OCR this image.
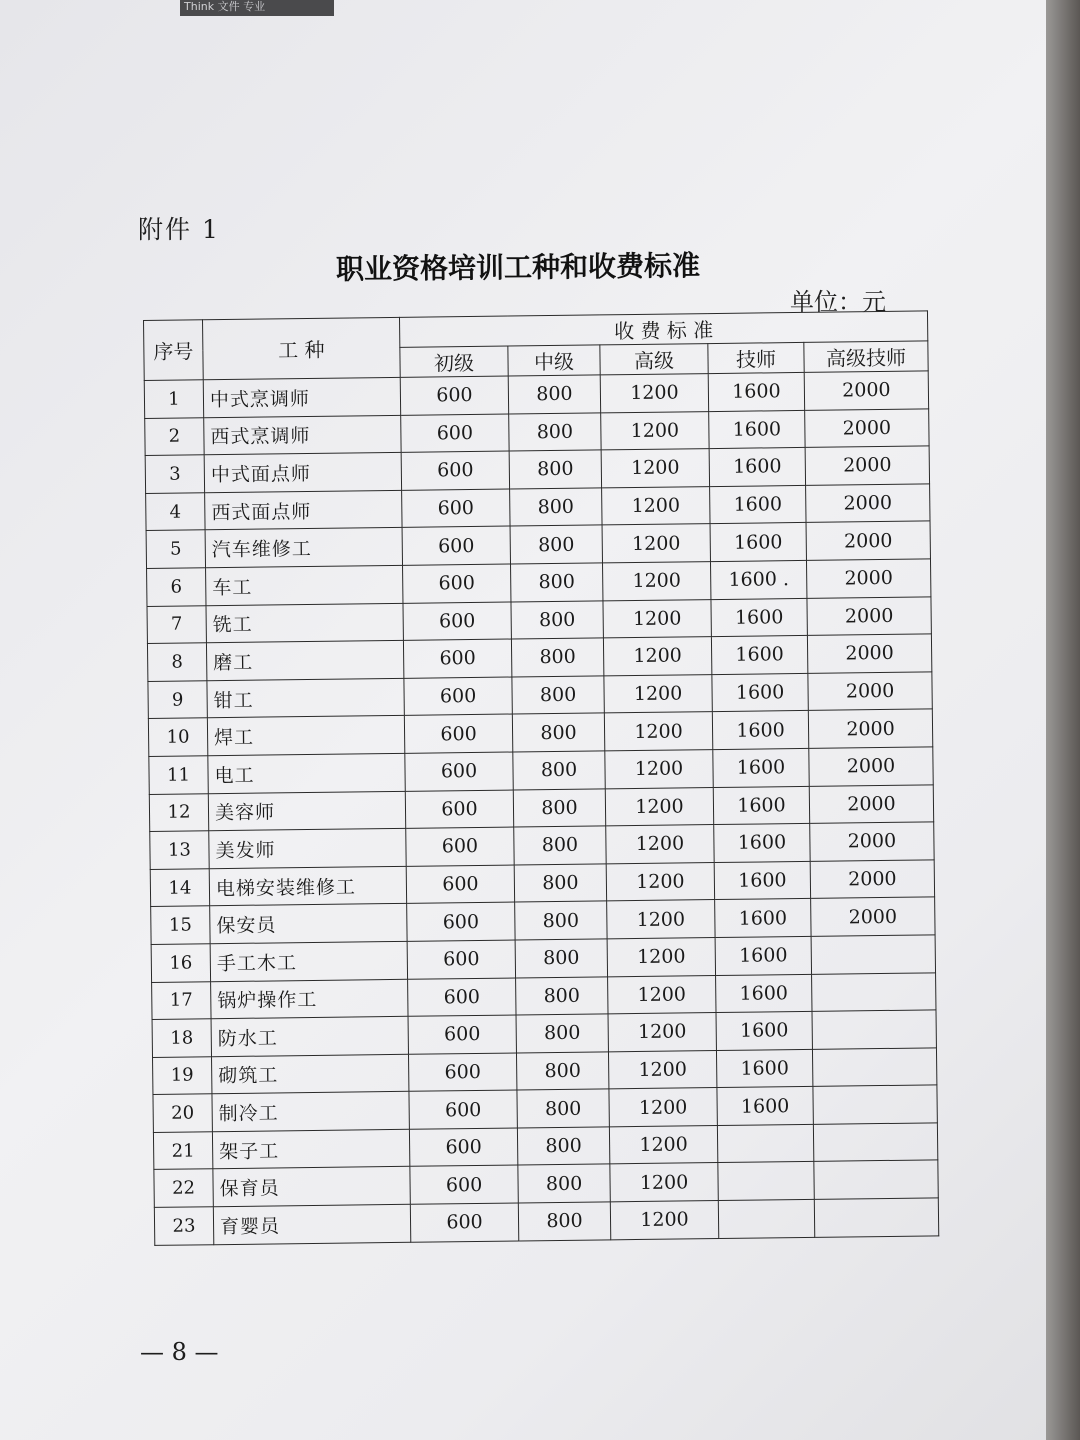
Think 文件 专业
附件 1
职业资格培训工种和收费标准
单位：元
序号	工 种	收 费 标 准				
		初级	中级	高级	技师	高级技师
1	中式烹调师	600	800	1200	1600	2000
2	西式烹调师	600	800	1200	1600	2000
3	中式面点师	600	800	1200	1600	2000
4	西式面点师	600	800	1200	1600	2000
5	汽车维修工	600	800	1200	1600	2000
6	车工	600	800	1200	1600 .	2000
7	铣工	600	800	1200	1600	2000
8	磨工	600	800	1200	1600	2000
9	钳工	600	800	1200	1600	2000
10	焊工	600	800	1200	1600	2000
11	电工	600	800	1200	1600	2000
12	美容师	600	800	1200	1600	2000
13	美发师	600	800	1200	1600	2000
14	电梯安装维修工	600	800	1200	1600	2000
15	保安员	600	800	1200	1600	2000
16	手工木工	600	800	1200	1600	
17	锅炉操作工	600	800	1200	1600	
18	防水工	600	800	1200	1600	
19	砌筑工	600	800	1200	1600	
20	制冷工	600	800	1200	1600	
21	架子工	600	800	1200		
22	保育员	600	800	1200		
23	育婴员	600	800	1200		
— 8 —
